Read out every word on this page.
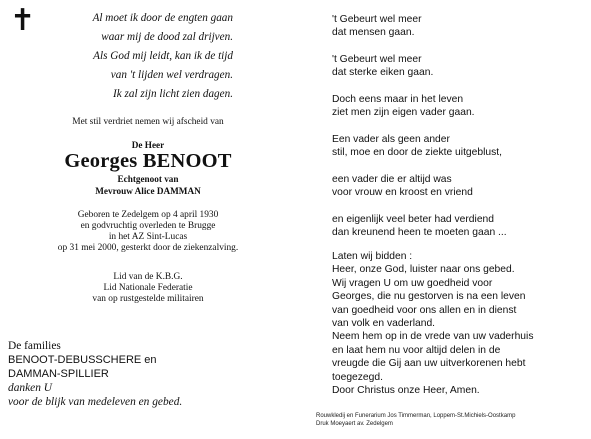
✝	Al moet ik door de engten gaan
waar mij de dood zal drijven.
Als God mij leidt, kan ik de tijd
van 't lijden wel verdragen.
Ik zal zijn licht zien dagen.
Met stil verdriet nemen wij afscheid van
De Heer
Georges BENOOT
Echtgenoot van
Mevrouw Alice DAMMAN
Geboren te Zedelgem op 4 april 1930
en godvruchtig overleden te Brugge
in het AZ Sint-Lucas
op 31 mei 2000, gesterkt door de ziekenzalving.
Lid van de K.B.G.
Lid Nationale Federatie
van op rustgestelde militairen
De families
BENOOT-DEBUSSCHERE en
DAMMAN-SPILLIER
danken U
voor de blijk van medeleven en gebed.
't Gebeurt wel meer
dat mensen gaan.
't Gebeurt wel meer
dat sterke eiken gaan.
Doch eens maar in het leven
ziet men zijn eigen vader gaan.
Een vader als geen ander
stil, moe en door de ziekte uitgeblust,
een vader die er altijd was
voor vrouw en kroost en vriend
en eigenlijk veel beter had verdiend
dan kreunend heen te moeten gaan ...
Laten wij bidden :
Heer, onze God, luister naar ons gebed.
Wij vragen U om uw goedheid voor
Georges, die nu gestorven is na een leven
van goedheid voor ons allen en in dienst
van volk en vaderland.
Neem hem op in de vrede van uw vaderhuis
en laat hem nu voor altijd delen in de
vreugde die Gij aan uw uitverkorenen hebt
toegezegd.
Door Christus onze Heer, Amen.
Rouwkledij en Funerarium Jos Timmerman, Loppem-St.Michiels-Oostkamp
Druk Moeyaert av. Zedelgem
